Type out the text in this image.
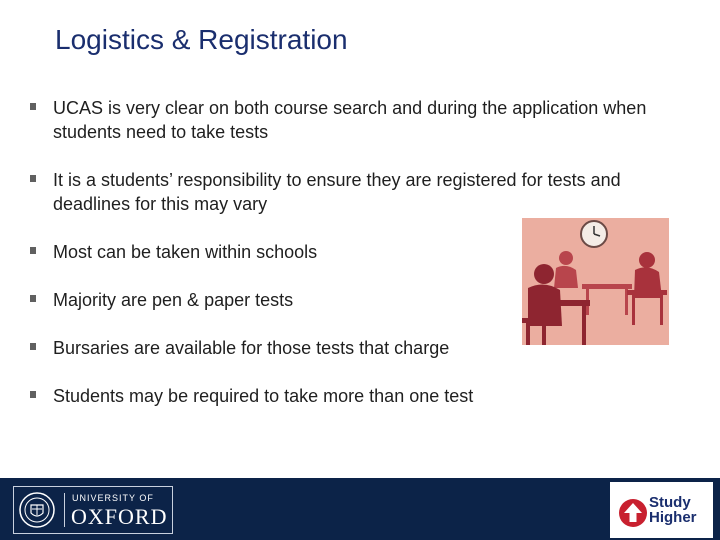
Logistics & Registration
UCAS is very clear on both course search and during the application when students need to take tests
It is a students’ responsibility to ensure they are registered for tests and deadlines for this may vary
Most can be taken within schools
Majority are pen & paper tests
Bursaries are available for those tests that charge
Students may be required to take more than one test
UNIVERSITY OF
OXFORD
Study
Higher
